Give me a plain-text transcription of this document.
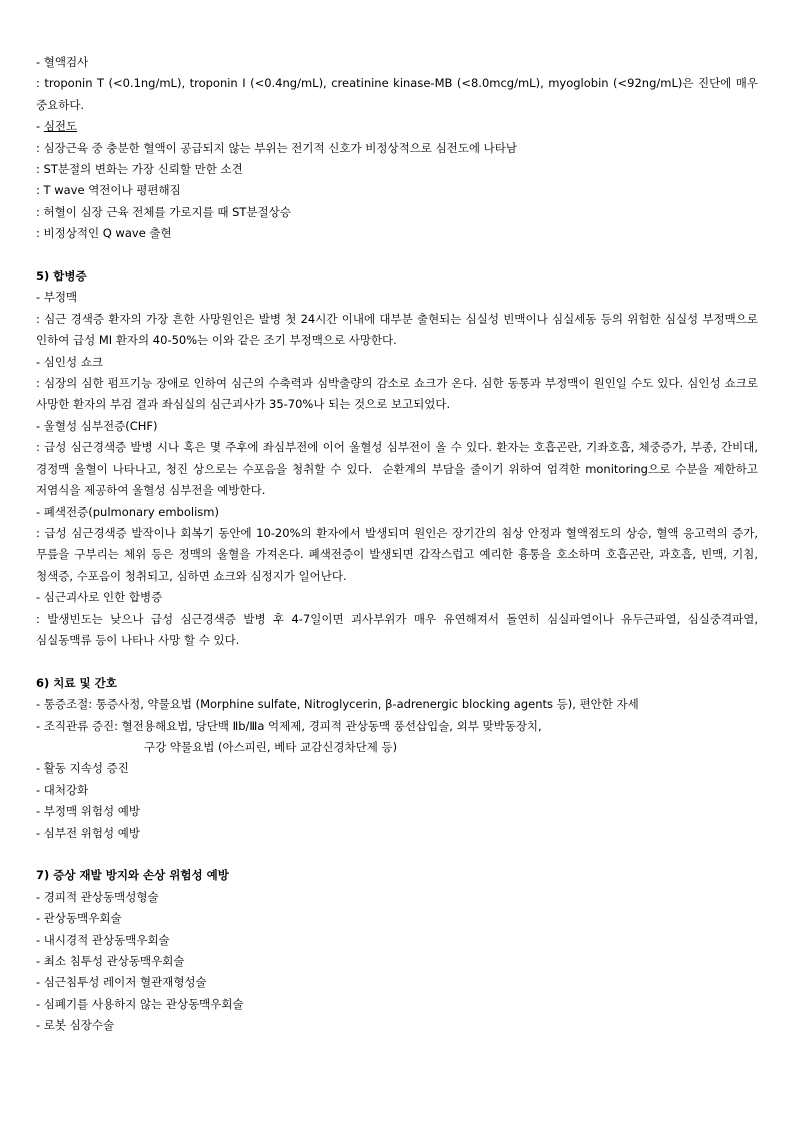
- 혈액검사
: troponin T (<0.1ng/mL), troponin I (<0.4ng/mL), creatinine kinase-MB (<8.0mcg/mL), myoglobin (<92ng/mL)은 진단에 매우 중요하다.
- 심전도
: 심장근육 중 충분한 혈액이 공급되지 않는 부위는 전기적 신호가 비정상적으로 심전도에 나타남
: ST분절의 변화는 가장 신뢰할 만한 소견
: T wave 역전이나 평편해짐
: 허혈이 심장 근육 전체를 가로지를 때 ST분절상승
: 비정상적인 Q wave 출현
5) 합병증
- 부정맥
: 심근 경색증 환자의 가장 흔한 사망원인은 발병 첫 24시간 이내에 대부분 출현되는 심실성 빈맥이나 심실세동 등의 위험한 심실성 부정맥으로 인하여 급성 MI 환자의 40-50%는 이와 같은 조기 부정맥으로 사망한다.
- 심인성 쇼크
: 심장의 심한 펌프기능 장애로 인하여 심근의 수축력과 심박출량의 감소로 쇼크가 온다. 심한 동통과 부정맥이 원인일 수도 있다. 심인성 쇼크로 사망한 환자의 부검 결과 좌심실의 심근괴사가 35-70%나 되는 것으로 보고되었다.
- 울혈성 심부전증(CHF)
: 급성 심근경색증 발병 시나 혹은 몇 주후에 좌심부전에 이어 울혈성 심부전이 올 수 있다. 환자는 호흡곤란, 기좌호흡, 체중증가, 부종, 간비대, 경정맥 울혈이 나타나고, 청진 상으로는 수포음을 청취할 수 있다.  순환계의 부담을 줄이기 위하여 엄격한 monitoring으로 수분을 제한하고 저염식을 제공하여 울혈성 심부전을 예방한다.
- 폐색전증(pulmonary embolism)
: 급성 심근경색증 발작이나 회복기 동안에 10-20%의 환자에서 발생되며 원인은 장기간의 침상 안정과 혈액점도의 상승, 혈액 응고력의 증가, 무릎을 구부리는 체위 등은 정맥의 울혈을 가져온다. 폐색전증이 발생되면 갑작스럽고 예리한 흉통을 호소하며 호흡곤란, 과호흡, 빈맥, 기침, 청색증, 수포음이 청취되고, 심하면 쇼크와 심정지가 일어난다.
- 심근괴사로 인한 합병증
: 발생빈도는 낮으나 급성 심근경색증 발병 후 4-7일이면 괴사부위가 매우 유연해져서 돌연히 심실파열이나 유두근파열, 심실중격파열, 심실동맥류 등이 나타나 사망 할 수 있다.
6) 치료 및 간호
- 통증조절: 통증사정, 약물요법 (Morphine sulfate, Nitroglycerin, β-adrenergic blocking agents 등), 편안한 자세
- 조직관류 증진: 혈전용해요법, 당단백 Ⅱb/Ⅲa 억제제, 경피적 관상동맥 풍선삽입술, 외부 맞박동장치,
구강 약물요법 (아스피린, 베타 교감신경차단제 등)
- 활동 지속성 증진
- 대처강화
- 부정맥 위험성 예방
- 심부전 위험성 예방
7) 증상 재발 방지와 손상 위험성 예방
- 경피적 관상동맥성형술
- 관상동맥우회술
- 내시경적 관상동맥우회술
- 최소 침투성 관상동맥우회술
- 심근침투성 레이저 혈관재형성술
- 심폐기를 사용하지 않는 관상동맥우회술
- 로봇 심장수술
